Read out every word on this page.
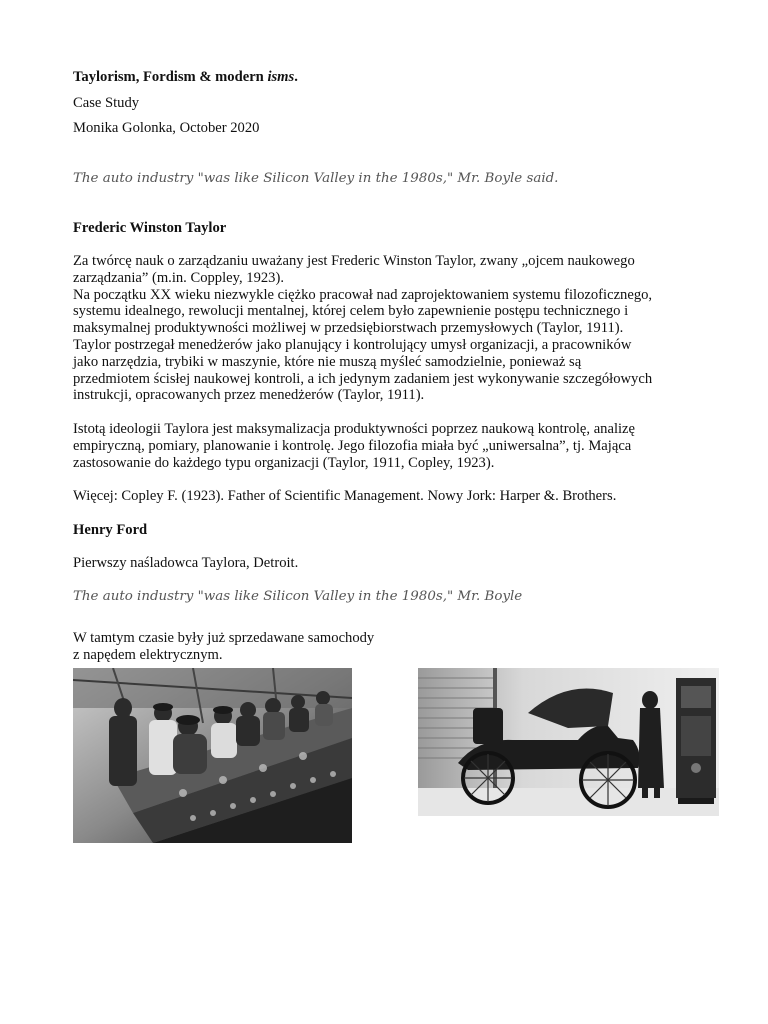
Taylorism, Fordism & modern isms.
Case Study
Monika Golonka, October 2020
The auto industry "was like Silicon Valley in the 1980s," Mr. Boyle said.
Frederic Winston Taylor
Za twórcę nauk o zarządzaniu uważany jest Frederic Winston Taylor, zwany „ojcem naukowego
zarządzania” (m.in. Coppley, 1923).
Na początku XX wieku niezwykle ciężko pracował nad zaprojektowaniem systemu filozoficznego,
systemu idealnego, rewolucji mentalnej, której celem było zapewnienie postępu technicznego i
maksymalnej produktywności możliwej w przedsiębiorstwach przemysłowych (Taylor, 1911).
Taylor postrzegał menedżerów jako planujący i kontrolujący umysł organizacji, a pracowników
jako narzędzia, trybiki w maszynie, które nie muszą myśleć samodzielnie, ponieważ są
przedmiotem ścisłej naukowej kontroli, a ich jedynym zadaniem jest wykonywanie szczegółowych
instrukcji, opracowanych przez menedżerów (Taylor, 1911).
Istotą ideologii Taylora jest maksymalizacja produktywności poprzez naukową kontrolę, analizę
empiryczną, pomiary, planowanie i kontrolę. Jego filozofia miała być „uniwersalna”, tj. Mająca
zastosowanie do każdego typu organizacji (Taylor, 1911, Copley, 1923).
Więcej: Copley F. (1923). Father of Scientific Management. Nowy Jork: Harper &. Brothers.
Henry Ford
Pierwszy naśladowca Taylora, Detroit.
The auto industry "was like Silicon Valley in the 1980s," Mr. Boyle
W tamtym czasie były już sprzedawane samochody
z napędem elektrycznym.
